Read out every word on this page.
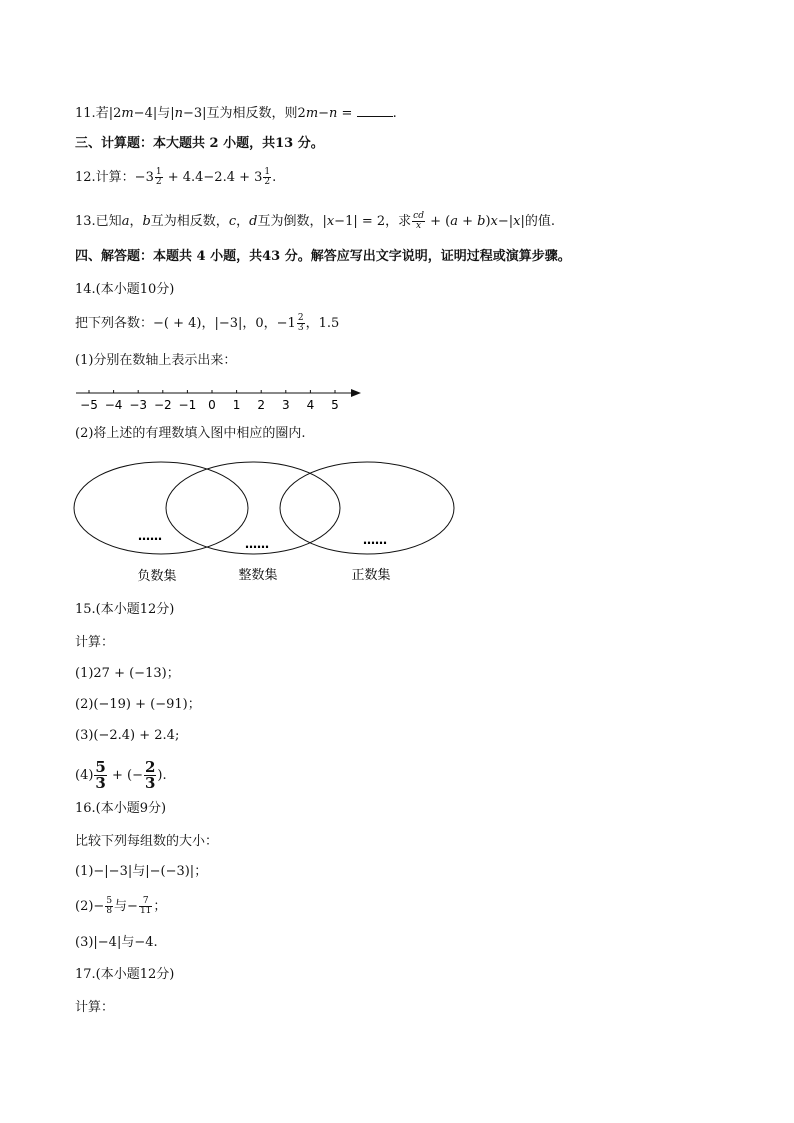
11.若|2m−4|与|n−3|互为相反数，则2m−n =	.
三、计算题：本大题共 2 小题，共13 分。
12.计算：$-3 \frac{1}{2} + 4.4-2.4 + 3 \frac{1}{2}$ .
13.已知a，b互为相反数，c，d互为倒数，|x−1| = 2，求 $\frac{cd}{x} + (a + b)x-|x|$的值.
四、解答题：本题共 4 小题，共43 分。解答应写出文字说明，证明过程或演算步骤。
14.(本小题10分)
把下列各数：−( + 4)，|−3|，0，$-1 \frac{2}{3}$ ，1.5
(1)分别在数轴上表示出来：
−5 −4 −3 −2 −1 0 1 2 3 4 5
(2)将上述的有理数填入图中相应的圈内.
……
……	……
负数集	整数集	正数集
15.(本小题12分)
计算：
(1)27 + (−13)；
(2)(−19) + (−91)；
(3)(−2.4) + 2.4;
$(4) \frac{5}{3}$ + (− $\frac{2}{3}$ ).
16.(本小题9分)
比较下列每组数的大小：
(1)−|−3|与|−(−3)|；
$(2)- \frac{5}{8}$ 与− $\frac{7}{11}$ ；
(3)|−4|与−4.
17.(本小题12分)
计算：
